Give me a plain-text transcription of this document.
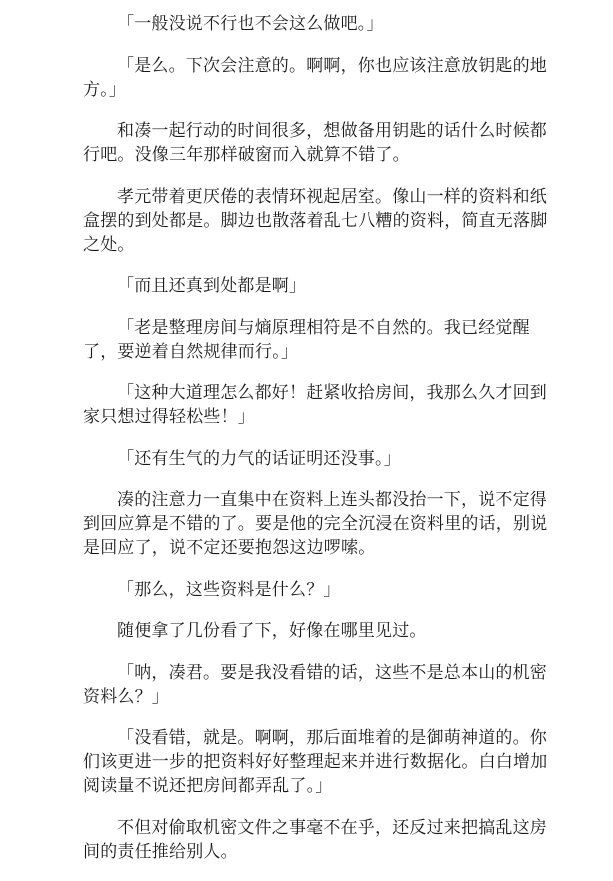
「一般没说不行也不会这么做吧。」

「是么。下次会注意的。啊啊，你也应该注意放钥匙的地方。」

和凑一起行动的时间很多，想做备用钥匙的话什么时候都行吧。没像三年那样破窗而入就算不错了。

孝元带着更厌倦的表情环视起居室。像山一样的资料和纸盒摆的到处都是。脚边也散落着乱七八糟的资料，简直无落脚之处。

「而且还真到处都是啊」

「老是整理房间与熵原理相符是不自然的。我已经觉醒了，要逆着自然规律而行。」

「这种大道理怎么都好！赶紧收拾房间，我那么久才回到家只想过得轻松些！」

「还有生气的力气的话证明还没事。」

凑的注意力一直集中在资料上连头都没抬一下，说不定得到回应算是不错的了。要是他的完全沉浸在资料里的话，别说是回应了，说不定还要抱怨这边啰嗦。

「那么，这些资料是什么？」

随便拿了几份看了下，好像在哪里见过。

「呐，凑君。要是我没看错的话，这些不是总本山的机密资料么？」

「没看错，就是。啊啊，那后面堆着的是御萌神道的。你们该更进一步的把资料好好整理起来并进行数据化。白白增加阅读量不说还把房间都弄乱了。」

不但对偷取机密文件之事毫不在乎，还反过来把搞乱这房间的责任推给别人。
